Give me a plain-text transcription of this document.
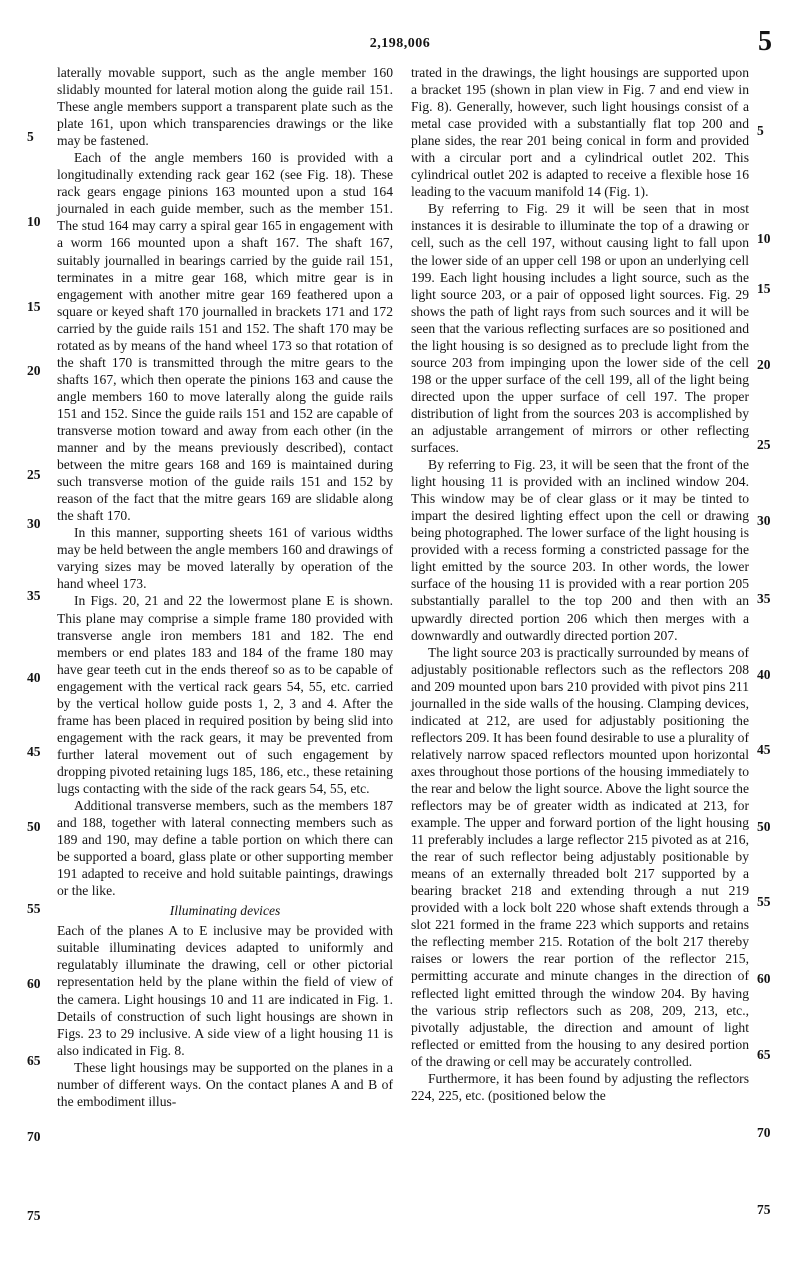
2,198,006	5
5
10
15
20
25
30
35
40
45
50
55
60
65
70
75
5
10
15
20
25
30
35
40
45
50
55
60
65
70
75

laterally movable support, such as the angle member 160 slidably mounted for lateral motion along the guide rail 151. These angle members support a transparent plate such as the plate 161, upon which transparencies drawings or the like may be fastened.

Each of the angle members 160 is provided with a longitudinally extending rack gear 162 (see Fig. 18). These rack gears engage pinions 163 mounted upon a stud 164 journaled in each guide member, such as the member 151. The stud 164 may carry a spiral gear 165 in engagement with a worm 166 mounted upon a shaft 167. The shaft 167, suitably journalled in bearings carried by the guide rail 151, terminates in a mitre gear 168, which mitre gear is in engagement with another mitre gear 169 feathered upon a square or keyed shaft 170 journalled in brackets 171 and 172 carried by the guide rails 151 and 152. The shaft 170 may be rotated as by means of the hand wheel 173 so that rotation of the shaft 170 is transmitted through the mitre gears to the shafts 167, which then operate the pinions 163 and cause the angle members 160 to move laterally along the guide rails 151 and 152. Since the guide rails 151 and 152 are capable of transverse motion toward and away from each other (in the manner and by the means previously described), contact between the mitre gears 168 and 169 is maintained during such transverse motion of the guide rails 151 and 152 by reason of the fact that the mitre gears 169 are slidable along the shaft 170.

In this manner, supporting sheets 161 of various widths may be held between the angle members 160 and drawings of varying sizes may be moved laterally by operation of the hand wheel 173.

In Figs. 20, 21 and 22 the lowermost plane E is shown. This plane may comprise a simple frame 180 provided with transverse angle iron members 181 and 182. The end members or end plates 183 and 184 of the frame 180 may have gear teeth cut in the ends thereof so as to be capable of engagement with the vertical rack gears 54, 55, etc. carried by the vertical hollow guide posts 1, 2, 3 and 4. After the frame has been placed in required position by being slid into engagement with the rack gears, it may be prevented from further lateral movement out of such engagement by dropping pivoted retaining lugs 185, 186, etc., these retaining lugs contacting with the side of the rack gears 54, 55, etc.

Additional transverse members, such as the members 187 and 188, together with lateral connecting members such as 189 and 190, may define a table portion on which there can be supported a board, glass plate or other supporting member 191 adapted to receive and hold suitable paintings, drawings or the like.

Illuminating devices

Each of the planes A to E inclusive may be provided with suitable illuminating devices adapted to uniformly and regulatably illuminate the drawing, cell or other pictorial representation held by the plane within the field of view of the camera. Light housings 10 and 11 are indicated in Fig. 1. Details of construction of such light housings are shown in Figs. 23 to 29 inclusive. A side view of a light housing 11 is also indicated in Fig. 8.

These light housings may be supported on the planes in a number of different ways. On the contact planes A and B of the embodiment illus-

trated in the drawings, the light housings are supported upon a bracket 195 (shown in plan view in Fig. 7 and end view in Fig. 8). Generally, however, such light housings consist of a metal case provided with a substantially flat top 200 and plane sides, the rear 201 being conical in form and provided with a circular port and a cylindrical outlet 202. This cylindrical outlet 202 is adapted to receive a flexible hose 16 leading to the vacuum manifold 14 (Fig. 1).

By referring to Fig. 29 it will be seen that in most instances it is desirable to illuminate the top of a drawing or cell, such as the cell 197, without causing light to fall upon the lower side of an upper cell 198 or upon an underlying cell 199. Each light housing includes a light source, such as the light source 203, or a pair of opposed light sources. Fig. 29 shows the path of light rays from such sources and it will be seen that the various reflecting surfaces are so positioned and the light housing is so designed as to preclude light from the source 203 from impinging upon the lower side of the cell 198 or the upper surface of the cell 199, all of the light being directed upon the upper surface of cell 197. The proper distribution of light from the sources 203 is accomplished by an adjustable arrangement of mirrors or other reflecting surfaces.

By referring to Fig. 23, it will be seen that the front of the light housing 11 is provided with an inclined window 204. This window may be of clear glass or it may be tinted to impart the desired lighting effect upon the cell or drawing being photographed. The lower surface of the light housing is provided with a recess forming a constricted passage for the light emitted by the source 203. In other words, the lower surface of the housing 11 is provided with a rear portion 205 substantially parallel to the top 200 and then with an upwardly directed portion 206 which then merges with a downwardly and outwardly directed portion 207.

The light source 203 is practically surrounded by means of adjustably positionable reflectors such as the reflectors 208 and 209 mounted upon bars 210 provided with pivot pins 211 journalled in the side walls of the housing. Clamping devices, indicated at 212, are used for adjustably positioning the reflectors 209. It has been found desirable to use a plurality of relatively narrow spaced reflectors mounted upon horizontal axes throughout those portions of the housing immediately to the rear and below the light source. Above the light source the reflectors may be of greater width as indicated at 213, for example. The upper and forward portion of the light housing 11 preferably includes a large reflector 215 pivoted as at 216, the rear of such reflector being adjustably positionable by means of an externally threaded bolt 217 supported by a bearing bracket 218 and extending through a nut 219 provided with a lock bolt 220 whose shaft extends through a slot 221 formed in the frame 223 which supports and retains the reflecting member 215. Rotation of the bolt 217 thereby raises or lowers the rear portion of the reflector 215, permitting accurate and minute changes in the direction of reflected light emitted through the window 204. By having the various strip reflectors such as 208, 209, 213, etc., pivotally adjustable, the direction and amount of light reflected or emitted from the housing to any desired portion of the drawing or cell may be accurately controlled.

Furthermore, it has been found by adjusting the reflectors 224, 225, etc. (positioned below the
